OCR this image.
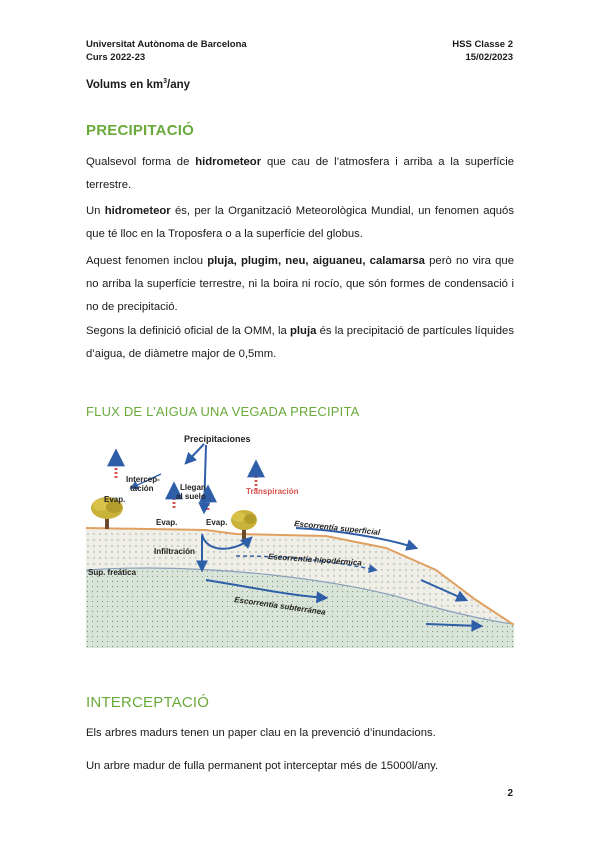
Universitat Autònoma de Barcelona
Curs 2022-23
HSS Classe 2
15/02/2023
Volums en $km^3$/any
PRECIPITACIÓ

Qualsevol forma de hidrometeor que cau de l’atmosfera i arriba a la superfície terrestre.

Un hidrometeor és, per la Organització Meteorològica Mundial, un fenomen aquós que té lloc en la Troposfera o a la superfície del globus.

Aquest fenomen inclou pluja, plugim, neu, aiguaneu, calamarsa però no vira que no arriba la superfície terrestre, ni la boira ni rocío, que són formes de condensació i no de precipitació.

Segons la definició oficial de la OMM, la pluja és la precipitació de partícules líquides d’aigua, de diàmetre major de 0,5mm.

FLUX DE L’AIGUA UNA VEGADA PRECIPITA
Precipitaciones
Intercep-
tación
Evap.
Llegan
al suelo
Transpiración
Evap.	Evap.	Escorrentía superficial
Infiltración
Escorrentía hipodérmica
Sup. freática
Escorrentía subterránea
INTERCEPTACIÓ

Els arbres madurs tenen un paper clau en la prevenció d’inundacions.

Un arbre madur de fulla permanent pot interceptar més de 15000l/any.

2
